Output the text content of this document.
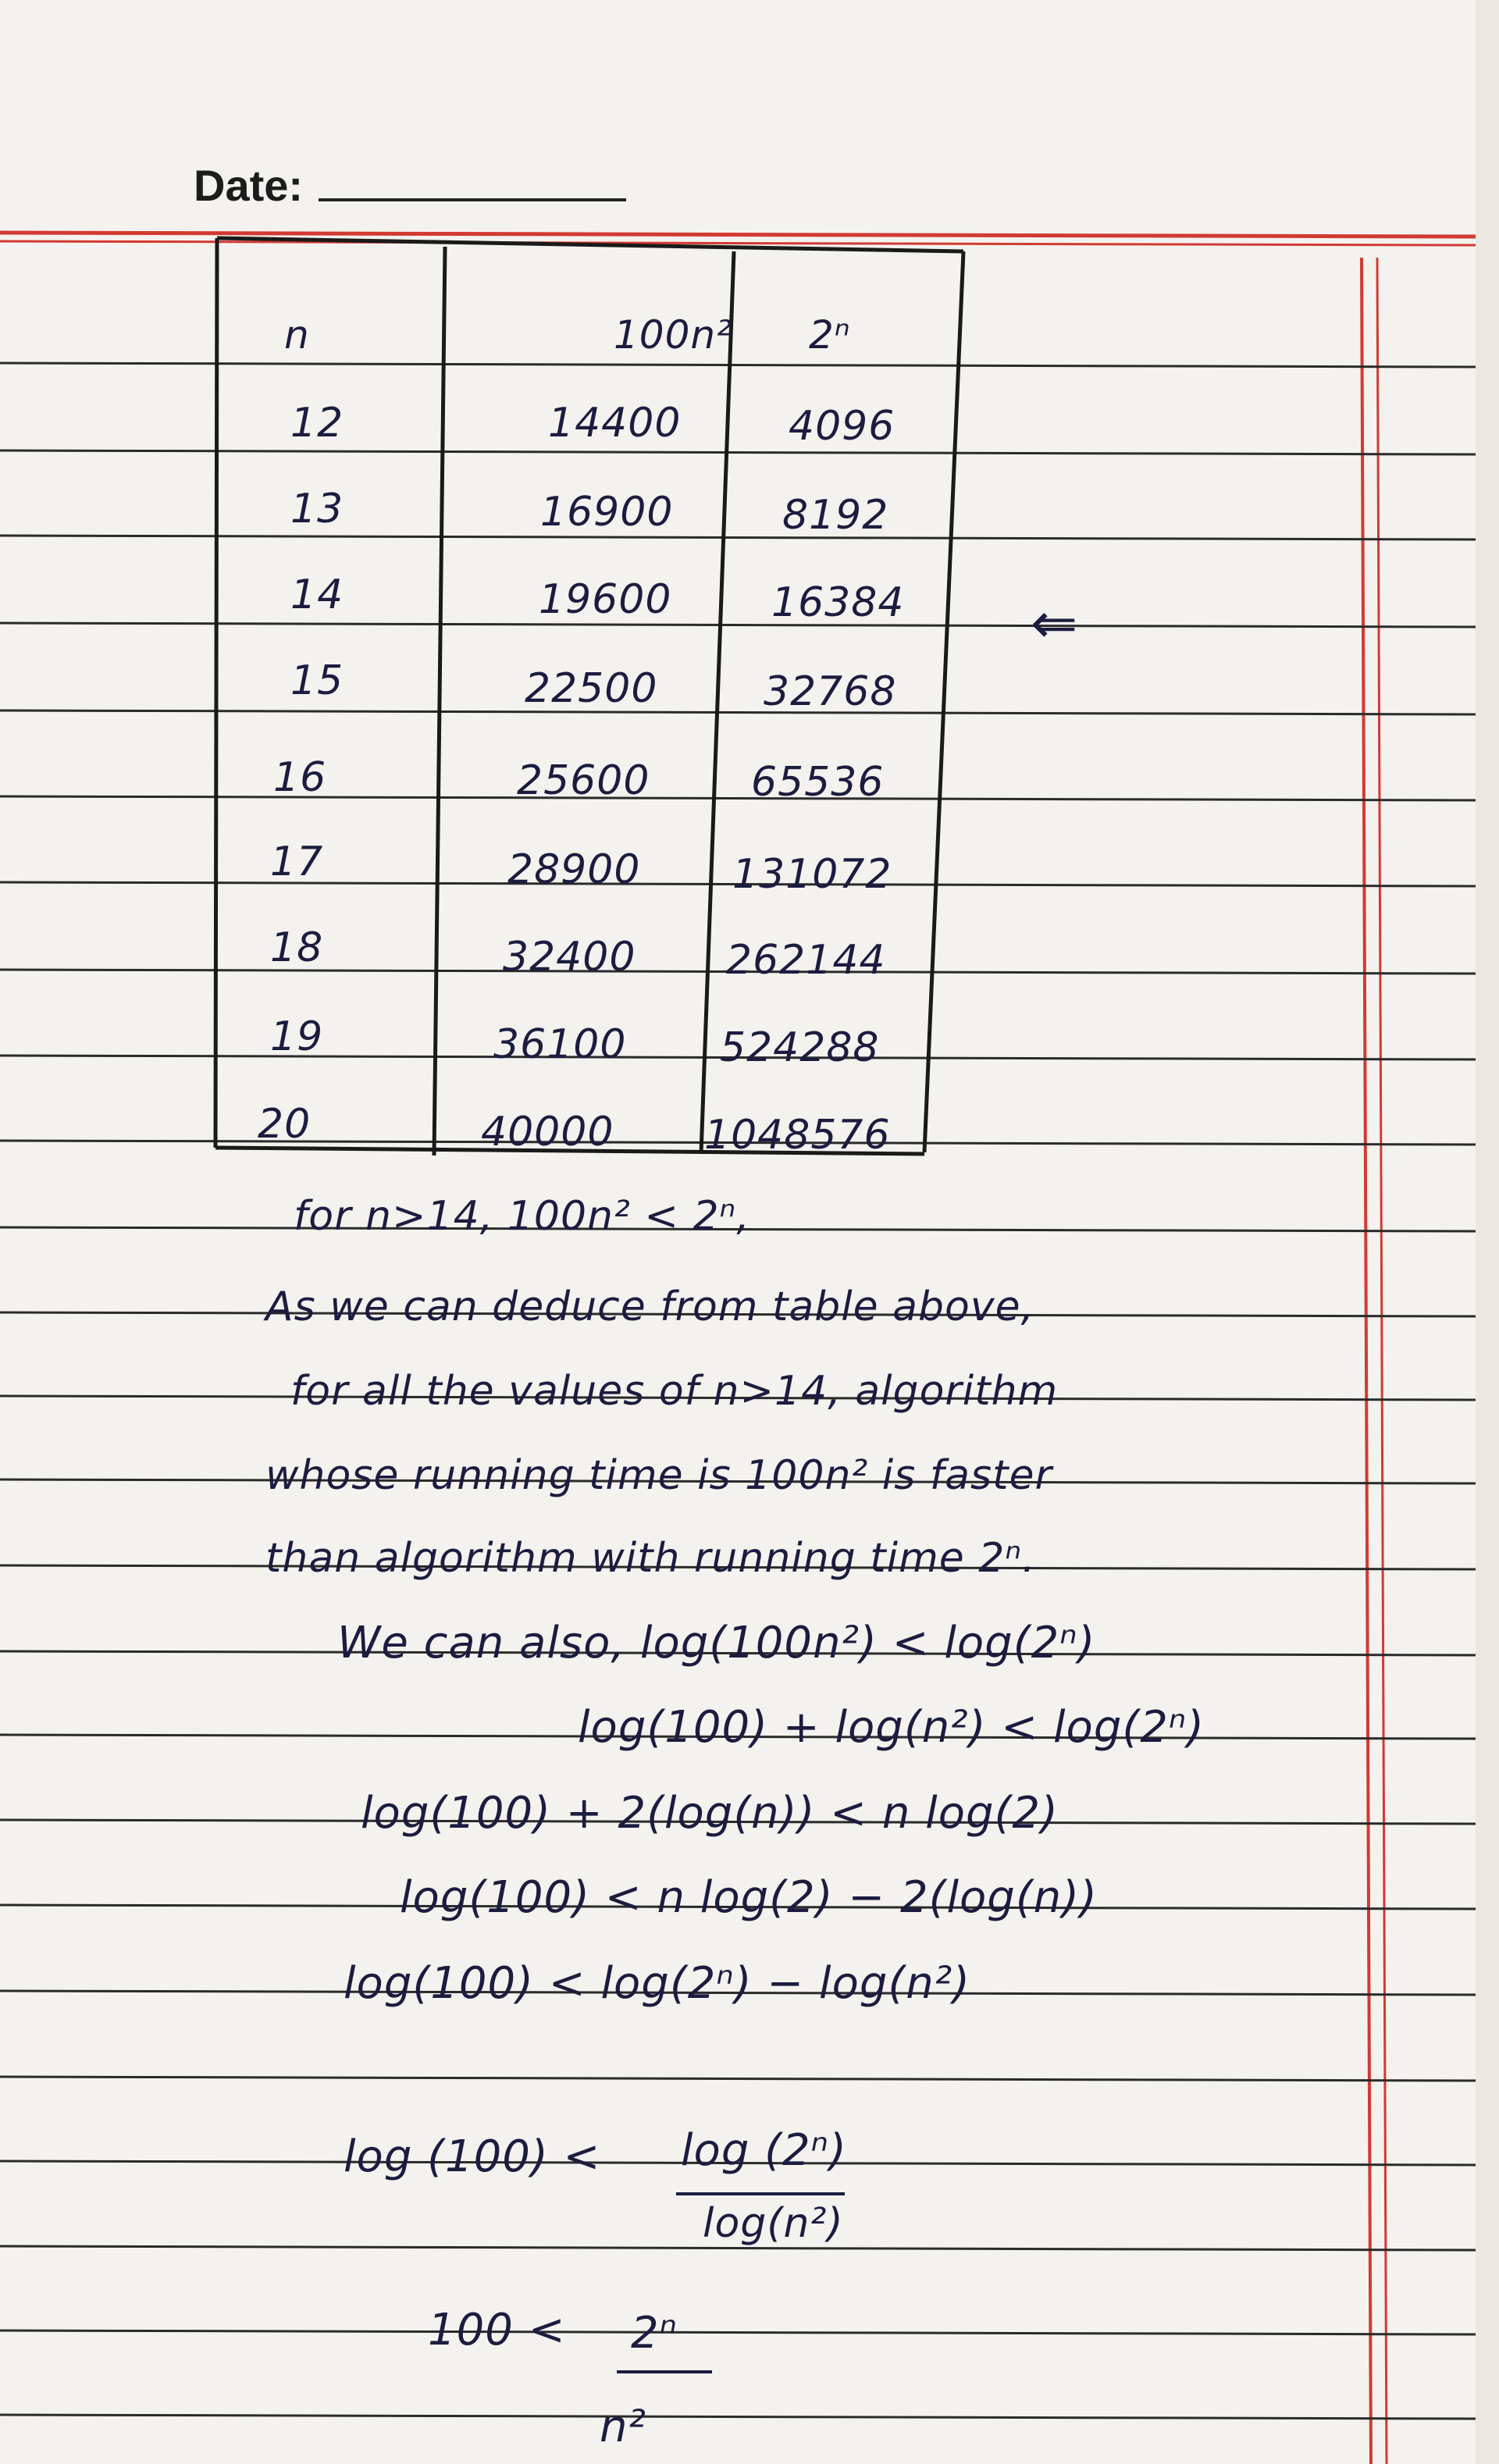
Date:
n	100n² 2ⁿ
12	14400	4096
13	16900	8192
14	19600 16384
15	22500	32768
16	25600 65536
17	28900 131072
18	32400 262144
19	36100 524288
20	40000 1048576
⇐
for n>14, 100n² < 2ⁿ,
As we can deduce from table above,
for all the values of n>14, algorithm
whose running time is 100n² is faster
than algorithm with running time 2ⁿ.
We can also, log(100n²) < log(2ⁿ)
log(100) + log(n²) < log(2ⁿ)
log(100) + 2(log(n)) < n log(2)
log(100) < n log(2) − 2(log(n))
log(100) < log(2ⁿ) − log(n²)
log (100) < log (2ⁿ)
log(n²)
100 < 2ⁿ
n²
